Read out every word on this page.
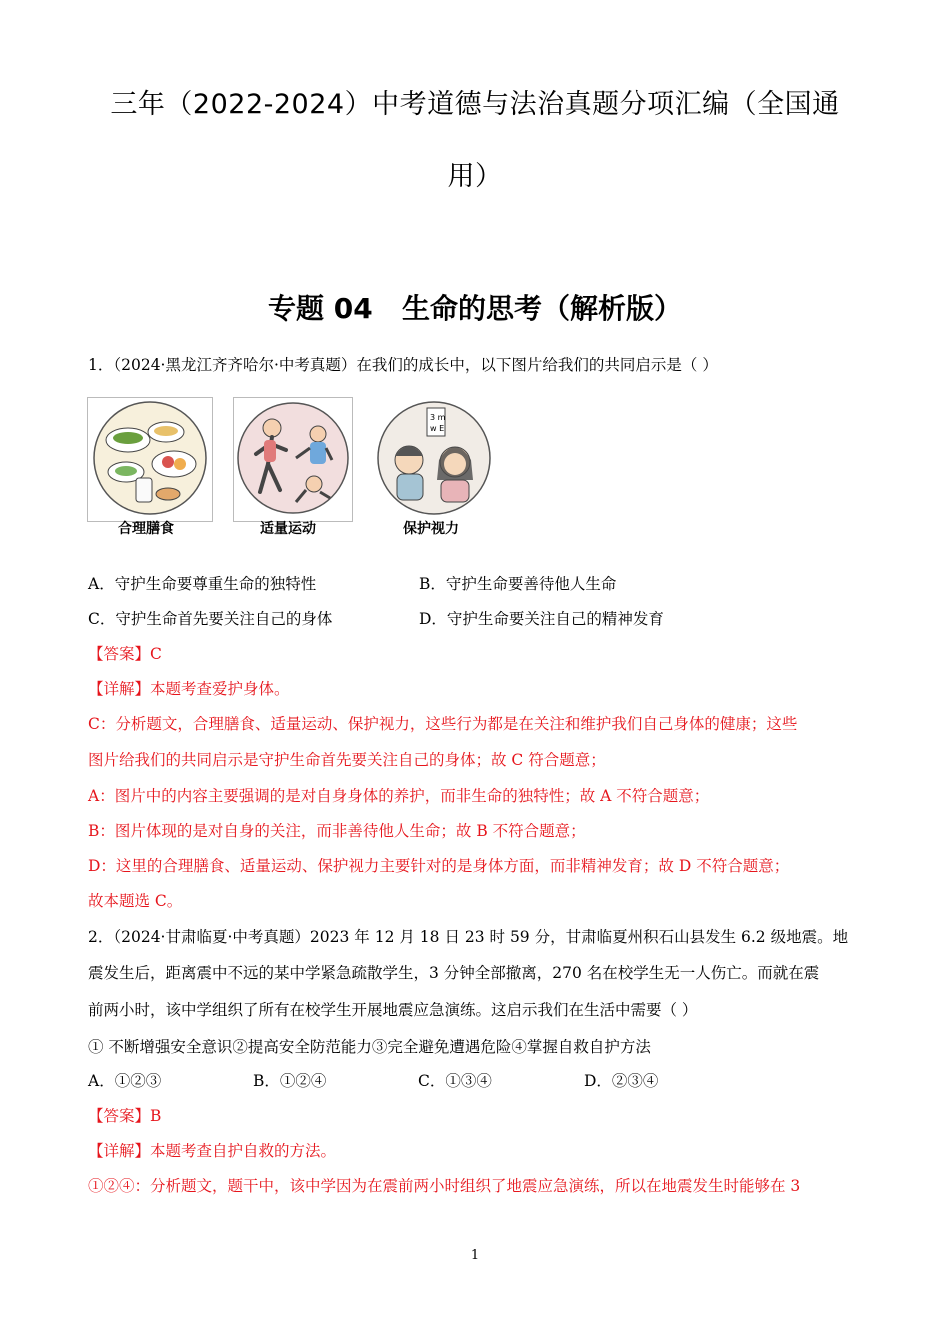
三年（2022-2024）中考道德与法治真题分项汇编（全国通
用）
专题 04   生命的思考（解析版）
1．（2024·黑龙江齐齐哈尔·中考真题）在我们的成长中，以下图片给我们的共同启示是（ ）
3 m
w E
合理膳食	适量运动	保护视力
A．守护生命要尊重生命的独特性	B．守护生命要善待他人生命
C．守护生命首先要关注自己的身体	D．守护生命要关注自己的精神发育
【答案】C
【详解】本题考查爱护身体。
C：分析题文，合理膳食、适量运动、保护视力，这些行为都是在关注和维护我们自己身体的健康；这些
图片给我们的共同启示是守护生命首先要关注自己的身体；故 C 符合题意；
A：图片中的内容主要强调的是对自身身体的养护，而非生命的独特性；故 A 不符合题意；
B：图片体现的是对自身的关注，而非善待他人生命；故 B 不符合题意；
D：这里的合理膳食、适量运动、保护视力主要针对的是身体方面，而非精神发育；故 D 不符合题意；
故本题选 C。
2．（2024·甘肃临夏·中考真题）2023 年 12 月 18 日 23 时 59 分，甘肃临夏州积石山县发生 6.2 级地震。地
震发生后，距离震中不远的某中学紧急疏散学生，3 分钟全部撤离，270 名在校学生无一人伤亡。而就在震
前两小时，该中学组织了所有在校学生开展地震应急演练。这启示我们在生活中需要（ ）
① 不断增强安全意识②提高安全防范能力③完全避免遭遇危险④掌握自救自护方法
A．①②③	B．①②④	C．①③④	D．②③④
【答案】B
【详解】本题考查自护自救的方法。
①②④：分析题文，题干中，该中学因为在震前两小时组织了地震应急演练，所以在地震发生时能够在 3
1
